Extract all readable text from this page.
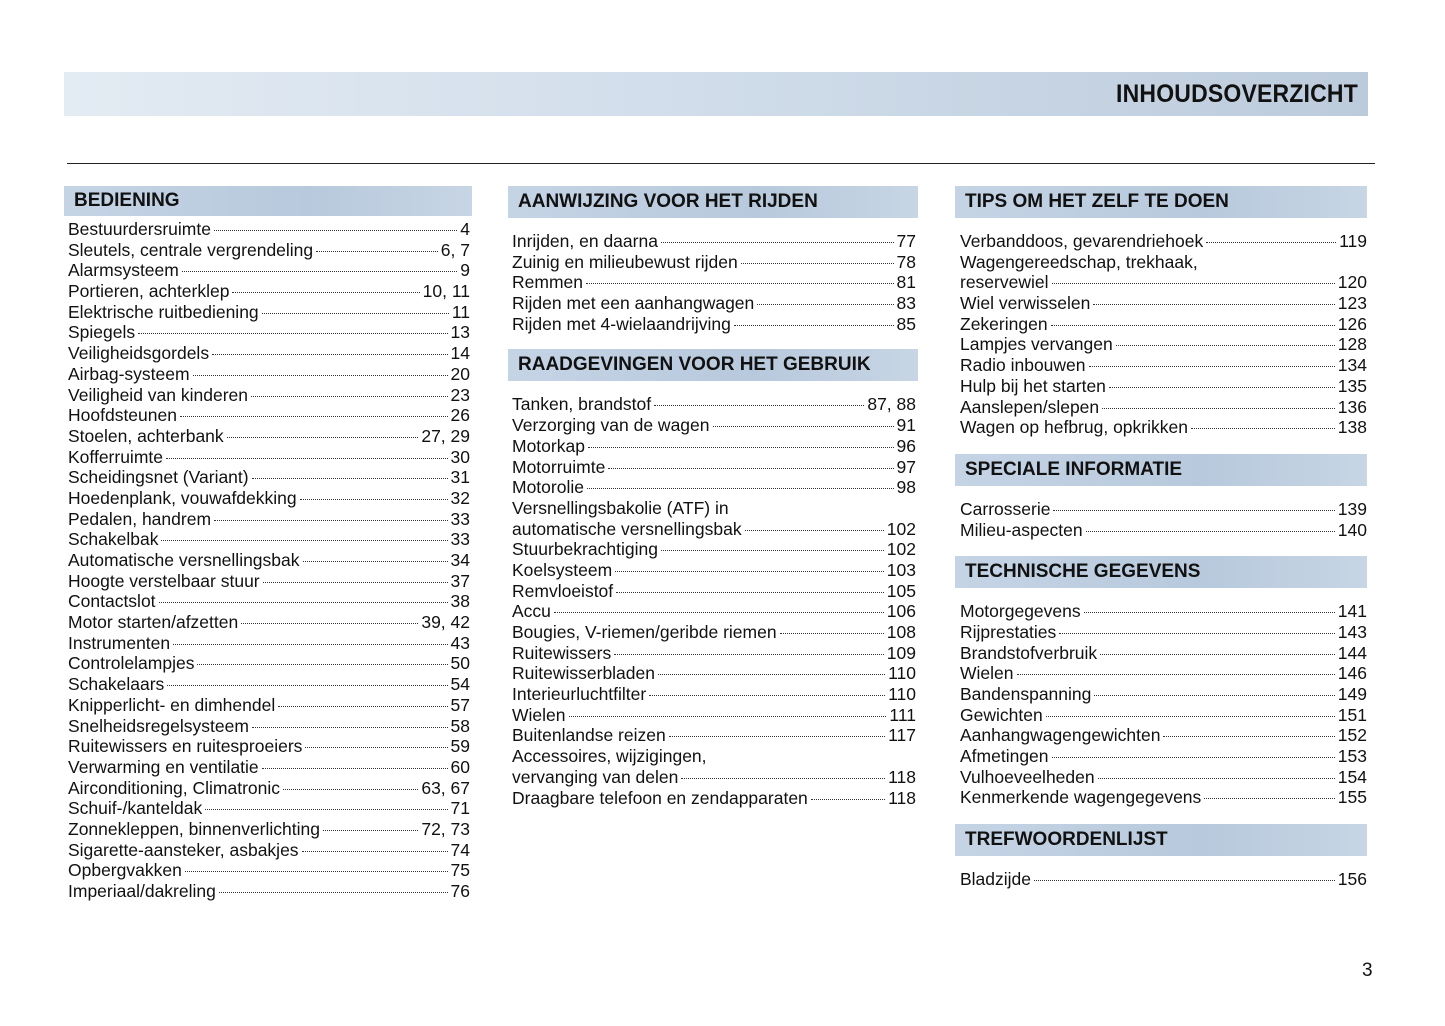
INHOUDSOVERZICHT
BEDIENING
Bestuurdersruimte	4
Sleutels, centrale vergrendeling	6, 7
Alarmsysteem	9
Portieren, achterklep	10, 11
Elektrische ruitbediening	11
Spiegels	13
Veiligheidsgordels	14
Airbag-systeem	20
Veiligheid van kinderen	23
Hoofdsteunen	26
Stoelen, achterbank	27, 29
Kofferruimte	30
Scheidingsnet (Variant)	31
Hoedenplank, vouwafdekking	32
Pedalen, handrem	33
Schakelbak	33
Automatische versnellingsbak	34
Hoogte verstelbaar stuur	37
Contactslot	38
Motor starten/afzetten	39, 42
Instrumenten	43
Controlelampjes	50
Schakelaars	54
Knipperlicht- en dimhendel	57
Snelheidsregelsysteem	58
Ruitewissers en ruitesproeiers	59
Verwarming en ventilatie	60
Airconditioning, Climatronic	63, 67
Schuif-/kanteldak	71
Zonnekleppen, binnenverlichting	72, 73
Sigarette-aansteker, asbakjes	74
Opbergvakken	75
Imperiaal/dakreling	76
AANWIJZING VOOR HET RIJDEN
Inrijden, en daarna	77
Zuinig en milieubewust rijden	78
Remmen	81
Rijden met een aanhangwagen	83
Rijden met 4-wielaandrijving	85
RAADGEVINGEN VOOR HET GEBRUIK
Tanken, brandstof	87, 88
Verzorging van de wagen	91
Motorkap	96
Motorruimte	97
Motorolie	98
Versnellingsbakolie (ATF) in
automatische versnellingsbak	102
Stuurbekrachtiging	102
Koelsysteem	103
Remvloeistof	105
Accu	106
Bougies, V-riemen/geribde riemen	108
Ruitewissers	109
Ruitewisserbladen	110
Interieurluchtfilter	110
Wielen	111
Buitenlandse reizen	117
Accessoires, wijzigingen,
vervanging van delen	118
Draagbare telefoon en zendapparaten	118
TIPS OM HET ZELF TE DOEN
Verbanddoos, gevarendriehoek	119
Wagengereedschap, trekhaak,
reservewiel	120
Wiel verwisselen	123
Zekeringen	126
Lampjes vervangen	128
Radio inbouwen	134
Hulp bij het starten	135
Aanslepen/slepen	136
Wagen op hefbrug, opkrikken	138
SPECIALE INFORMATIE
Carrosserie	139
Milieu-aspecten	140
TECHNISCHE GEGEVENS
Motorgegevens	141
Rijprestaties	143
Brandstofverbruik	144
Wielen	146
Bandenspanning	149
Gewichten	151
Aanhangwagengewichten	152
Afmetingen	153
Vulhoeveelheden	154
Kenmerkende wagengegevens	155
TREFWOORDENLIJST
Bladzijde	156
3
